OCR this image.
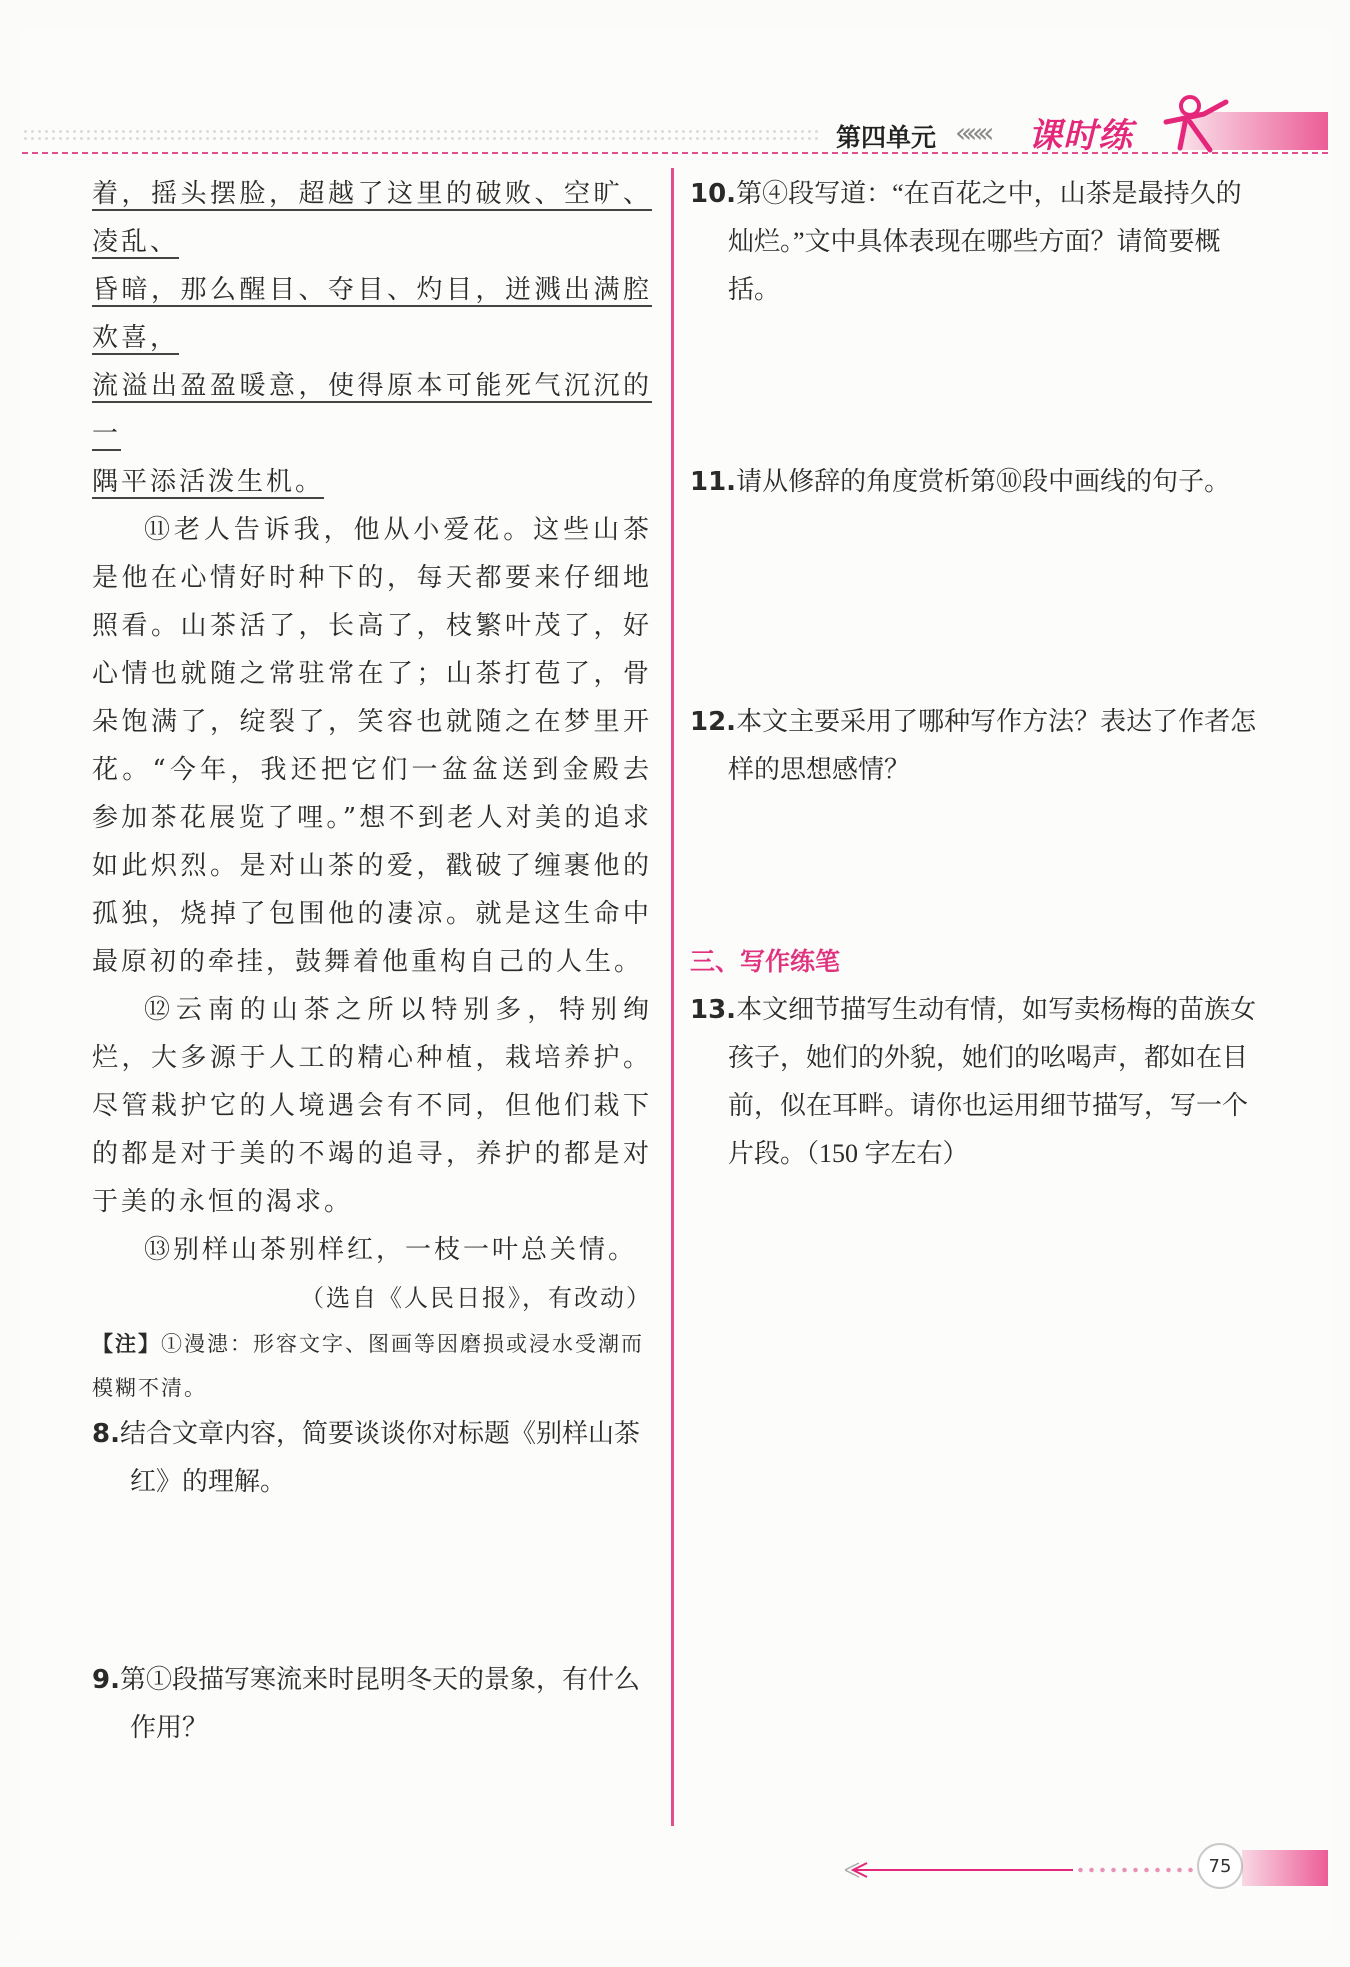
第四单元 ««« 课时练

着，摇头摆脸，超越了这里的破败、空旷、凌乱、

昏暗，那么醒目、夺目、灼目，迸溅出满腔欢喜，

流溢出盈盈暖意，使得原本可能死气沉沉的一

隅平添活泼生机。

⑪老人告诉我，他从小爱花。这些山茶是他在心情好时种下的，每天都要来仔细地照看。山茶活了，长高了，枝繁叶茂了，好心情也就随之常驻常在了；山茶打苞了，骨朵饱满了，绽裂了，笑容也就随之在梦里开花。“今年，我还把它们一盆盆送到金殿去参加茶花展览了哩。”想不到老人对美的追求如此炽烈。是对山茶的爱，戳破了缠裹他的孤独，烧掉了包围他的凄凉。就是这生命中最原初的牵挂，鼓舞着他重构自己的人生。

⑫云南的山茶之所以特别多，特别绚烂，大多源于人工的精心种植，栽培养护。尽管栽护它的人境遇会有不同，但他们栽下的都是对于美的不竭的追寻，养护的都是对于美的永恒的渴求。

⑬别样山茶别样红，一枝一叶总关情。

（选自《人民日报》，有改动）

【注】①漫漶：形容文字、图画等因磨损或浸水受潮而模糊不清。

8.结合文章内容，简要谈谈你对标题《别样山茶红》的理解。

9.第①段描写寒流来时昆明冬天的景象，有什么作用？

10.第④段写道：“在百花之中，山茶是最持久的灿烂。”文中具体表现在哪些方面？请简要概括。

11.请从修辞的角度赏析第⑩段中画线的句子。

12.本文主要采用了哪种写作方法？表达了作者怎样的思想感情？

三、写作练笔

13.本文细节描写生动有情，如写卖杨梅的苗族女孩子，她们的外貌，她们的吆喝声，都如在目前，似在耳畔。请你也运用细节描写，写一个片段。（150 字左右）

75
